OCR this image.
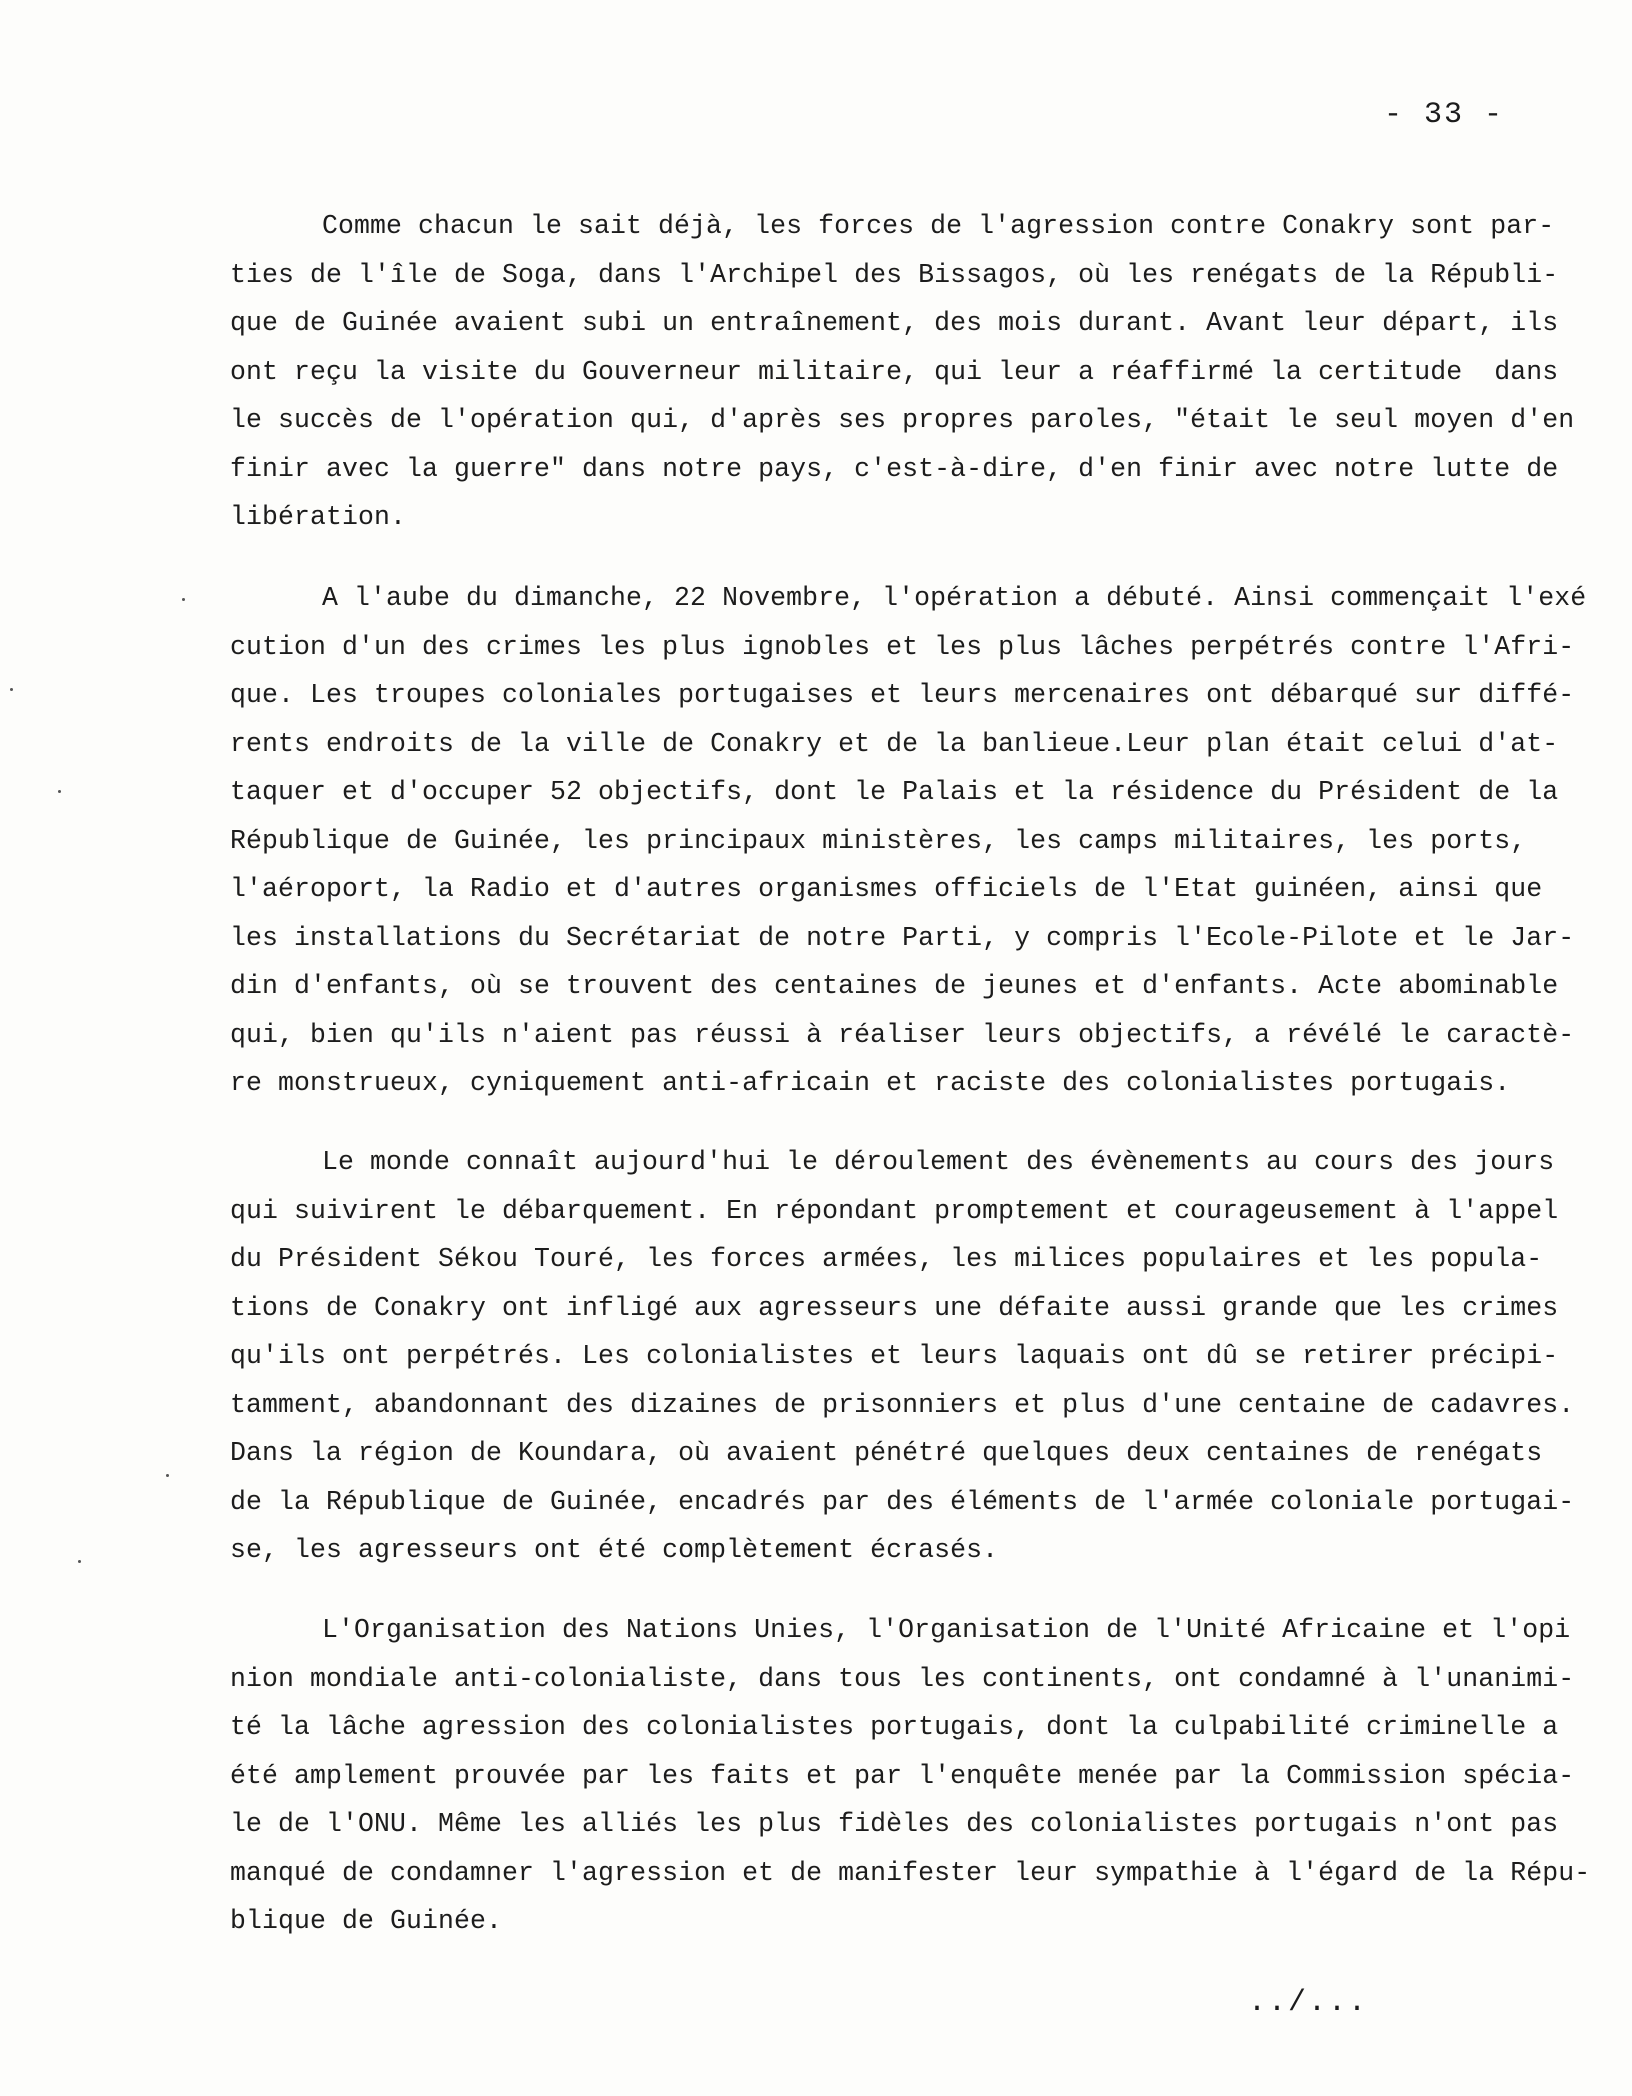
- 33 -
Comme chacun le sait déjà, les forces de l'agression contre Conakry sont par-
ties de l'île de Soga, dans l'Archipel des Bissagos, où les renégats de la Républi-
que de Guinée avaient subi un entraînement, des mois durant. Avant leur départ, ils
ont reçu la visite du Gouverneur militaire, qui leur a réaffirmé la certitude  dans
le succès de l'opération qui, d'après ses propres paroles, "était le seul moyen d'en
finir avec la guerre" dans notre pays, c'est-à-dire, d'en finir avec notre lutte de
libération.
A l'aube du dimanche, 22 Novembre, l'opération a débuté. Ainsi commençait l'exé
cution d'un des crimes les plus ignobles et les plus lâches perpétrés contre l'Afri-
que. Les troupes coloniales portugaises et leurs mercenaires ont débarqué sur diffé-
rents endroits de la ville de Conakry et de la banlieue.Leur plan était celui d'at-
taquer et d'occuper 52 objectifs, dont le Palais et la résidence du Président de la
République de Guinée, les principaux ministères, les camps militaires, les ports,
l'aéroport, la Radio et d'autres organismes officiels de l'Etat guinéen, ainsi que
les installations du Secrétariat de notre Parti, y compris l'Ecole-Pilote et le Jar-
din d'enfants, où se trouvent des centaines de jeunes et d'enfants. Acte abominable
qui, bien qu'ils n'aient pas réussi à réaliser leurs objectifs, a révélé le caractè-
re monstrueux, cyniquement anti-africain et raciste des colonialistes portugais.
Le monde connaît aujourd'hui le déroulement des évènements au cours des jours
qui suivirent le débarquement. En répondant promptement et courageusement à l'appel
du Président Sékou Touré, les forces armées, les milices populaires et les popula-
tions de Conakry ont infligé aux agresseurs une défaite aussi grande que les crimes
qu'ils ont perpétrés. Les colonialistes et leurs laquais ont dû se retirer précipi-
tamment, abandonnant des dizaines de prisonniers et plus d'une centaine de cadavres.
Dans la région de Koundara, où avaient pénétré quelques deux centaines de renégats
de la République de Guinée, encadrés par des éléments de l'armée coloniale portugai-
se, les agresseurs ont été complètement écrasés.
L'Organisation des Nations Unies, l'Organisation de l'Unité Africaine et l'opi
nion mondiale anti-colonialiste, dans tous les continents, ont condamné à l'unanimi-
té la lâche agression des colonialistes portugais, dont la culpabilité criminelle a
été amplement prouvée par les faits et par l'enquête menée par la Commission spécia-
le de l'ONU. Même les alliés les plus fidèles des colonialistes portugais n'ont pas
manqué de condamner l'agression et de manifester leur sympathie à l'égard de la Répu-
blique de Guinée.
../...
